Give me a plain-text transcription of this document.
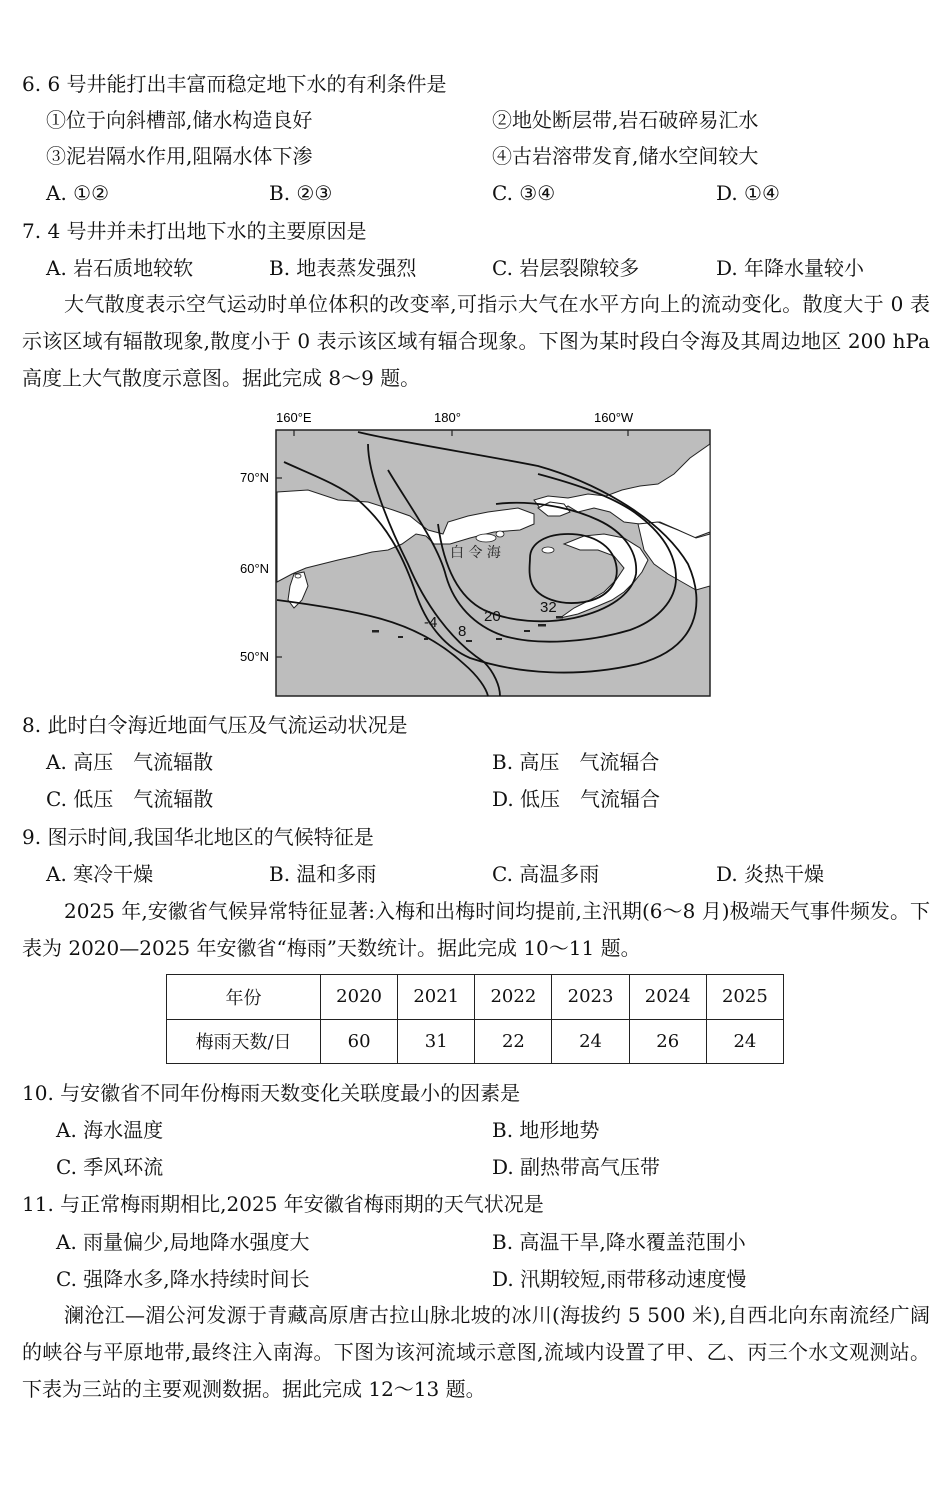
6. 6 号井能打出丰富而稳定地下水的有利条件是
①位于向斜槽部,储水构造良好	②地处断层带,岩石破碎易汇水
③泥岩隔水作用,阻隔水体下渗	④古岩溶带发育,储水空间较大
A. ①②	B. ②③	C. ③④	D. ①④
7. 4 号井并未打出地下水的主要原因是
A. 岩石质地较软	B. 地表蒸发强烈	C. 岩层裂隙较多	D. 年降水量较小
大气散度表示空气运动时单位体积的改变率,可指示大气在水平方向上的流动变化。散度大于 0 表示该区域有辐散现象,散度小于 0 表示该区域有辐合现象。下图为某时段白令海及其周边地区 200 hPa 高度上大气散度示意图。据此完成 8～9 题。
160°E	180°	160°W
70°N
60°N
50°N
白 令 海
-4
8
20
32
8. 此时白令海近地面气压及气流运动状况是
A. 高压　气流辐散	B. 高压　气流辐合
C. 低压　气流辐散	D. 低压　气流辐合
9. 图示时间,我国华北地区的气候特征是
A. 寒冷干燥	B. 温和多雨	C. 高温多雨	D. 炎热干燥
2025 年,安徽省气候异常特征显著:入梅和出梅时间均提前,主汛期(6～8 月)极端天气事件频发。下表为 2020—2025 年安徽省“梅雨”天数统计。据此完成 10～11 题。
年份	2020	2021	2022	2023	2024	2025
梅雨天数/日	60	31	22	24	26	24
10. 与安徽省不同年份梅雨天数变化关联度最小的因素是
A. 海水温度	B. 地形地势
C. 季风环流	D. 副热带高气压带
11. 与正常梅雨期相比,2025 年安徽省梅雨期的天气状况是
A. 雨量偏少,局地降水强度大	B. 高温干旱,降水覆盖范围小
C. 强降水多,降水持续时间长	D. 汛期较短,雨带移动速度慢
澜沧江—湄公河发源于青藏高原唐古拉山脉北坡的冰川(海拔约 5 500 米),自西北向东南流经广阔的峡谷与平原地带,最终注入南海。下图为该河流域示意图,流域内设置了甲、乙、丙三个水文观测站。下表为三站的主要观测数据。据此完成 12～13 题。
